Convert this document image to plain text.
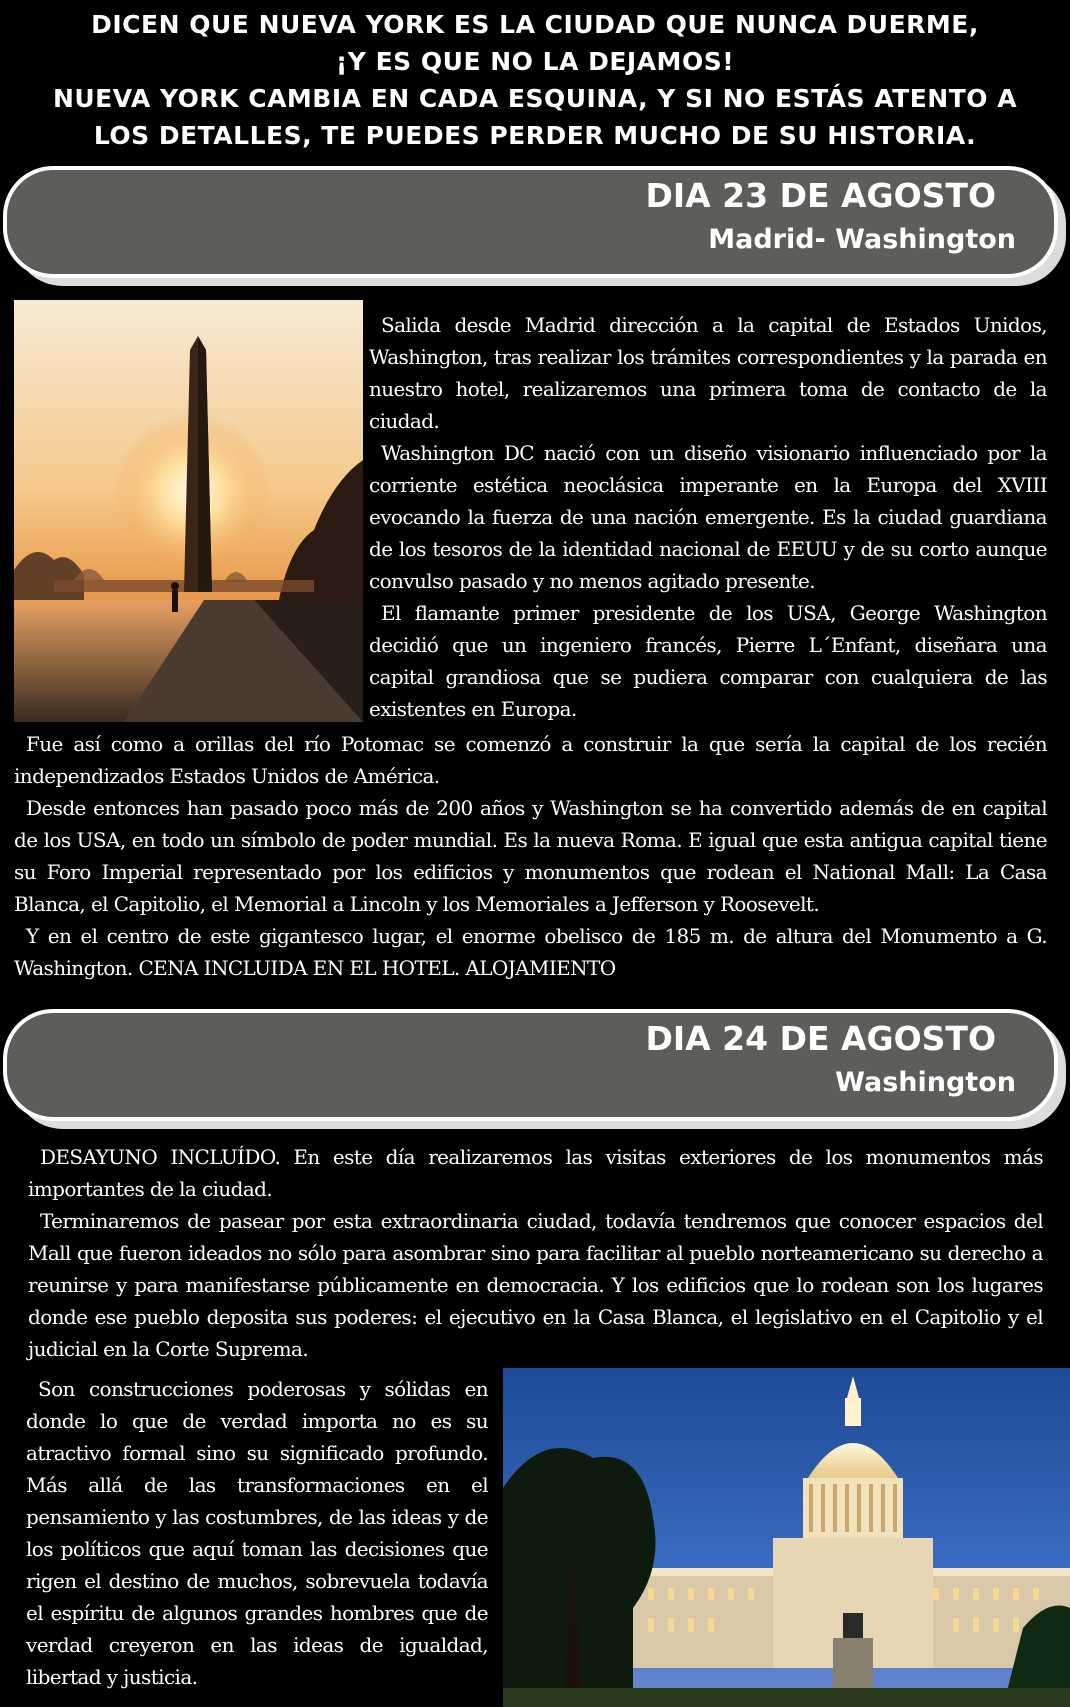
DICEN QUE NUEVA YORK ES LA CIUDAD QUE NUNCA DUERME,
¡Y ES QUE NO LA DEJAMOS!
NUEVA YORK CAMBIA EN CADA ESQUINA, Y SI NO ESTÁS ATENTO A
LOS DETALLES, TE PUEDES PERDER MUCHO DE SU HISTORIA.
DIA 23 DE AGOSTO
Madrid- Washington

Salida desde Madrid dirección a la capital de Estados Unidos, Washington, tras realizar los trámites correspondientes y la parada en nuestro hotel, realizaremos una primera toma de contacto de la ciudad.

Washington DC nació con un diseño visionario influenciado por la corriente estética neoclásica imperante en la Europa del XVIII evocando la fuerza de una nación emergente. Es la ciudad guardiana de los tesoros de la identidad nacional de EEUU y de su corto aunque convulso pasado y no menos agitado presente.

El flamante primer presidente de los USA, George Washington decidió que un ingeniero francés, Pierre L´Enfant, diseñara una capital grandiosa que se pudiera comparar con cualquiera de las existentes en Europa.

Fue así como a orillas del río Potomac se comenzó a construir la que sería la capital de los recién independizados Estados Unidos de América.

Desde entonces han pasado poco más de 200 años y Washington se ha convertido además de en capital de los USA, en todo un símbolo de poder mundial. Es la nueva Roma. E igual que esta antigua capital tiene su Foro Imperial representado por los edificios y monumentos que rodean el National Mall: La Casa Blanca, el Capitolio, el Memorial a Lincoln y los Memoriales a Jefferson y Roosevelt.

Y en el centro de este gigantesco lugar, el enorme obelisco de 185 m. de altura del Monumento a G. Washington. CENA INCLUIDA EN EL HOTEL. ALOJAMIENTO

DIA 24 DE AGOSTO
Washington

DESAYUNO INCLUÍDO. En este día realizaremos las visitas exteriores de los monumentos más importantes de la ciudad.

Terminaremos de pasear por esta extraordinaria ciudad, todavía tendremos que conocer espacios del Mall que fueron ideados no sólo para asombrar sino para facilitar al pueblo norteamericano su derecho a reunirse y para manifestarse públicamente en democracia. Y los edificios que lo rodean son los lugares donde ese pueblo deposita sus poderes: el ejecutivo en la Casa Blanca, el legislativo en el Capitolio y el judicial en la Corte Suprema.

Son construcciones poderosas y sólidas en donde lo que de verdad importa no es su atractivo formal sino su significado profundo. Más allá de las transformaciones en el pensamiento y las costumbres, de las ideas y de los políticos que aquí toman las decisiones que rigen el destino de muchos, sobrevuela todavía el espíritu de algunos grandes hombres que de verdad creyeron en las ideas de igualdad, libertad y justicia.
